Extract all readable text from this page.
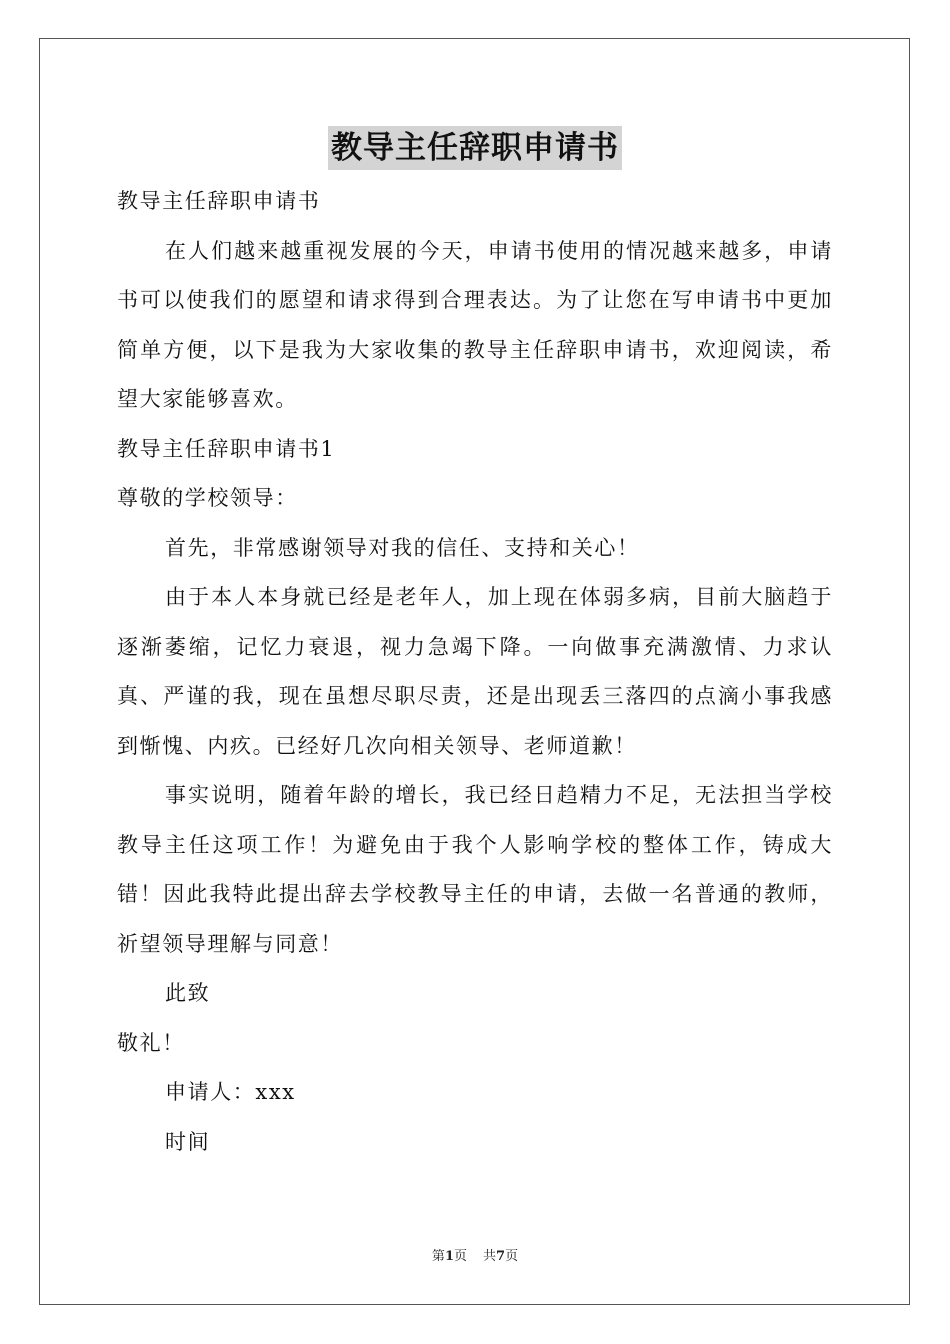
教导主任辞职申请书

教导主任辞职申请书

在人们越来越重视发展的今天，申请书使用的情况越来越多，申请书可以使我们的愿望和请求得到合理表达。为了让您在写申请书中更加简单方便，以下是我为大家收集的教导主任辞职申请书，欢迎阅读，希望大家能够喜欢。

教导主任辞职申请书1

尊敬的学校领导：

首先，非常感谢领导对我的信任、支持和关心！

由于本人本身就已经是老年人，加上现在体弱多病，目前大脑趋于逐渐萎缩，记忆力衰退，视力急竭下降。一向做事充满激情、力求认真、严谨的我，现在虽想尽职尽责，还是出现丢三落四的点滴小事我感到惭愧、内疚。已经好几次向相关领导、老师道歉！

事实说明，随着年龄的增长，我已经日趋精力不足，无法担当学校教导主任这项工作！为避免由于我个人影响学校的整体工作，铸成大错！因此我特此提出辞去学校教导主任的申请，去做一名普通的教师，祈望领导理解与同意！

此致

敬礼！

申请人：xxx

时间

第1页 共7页
